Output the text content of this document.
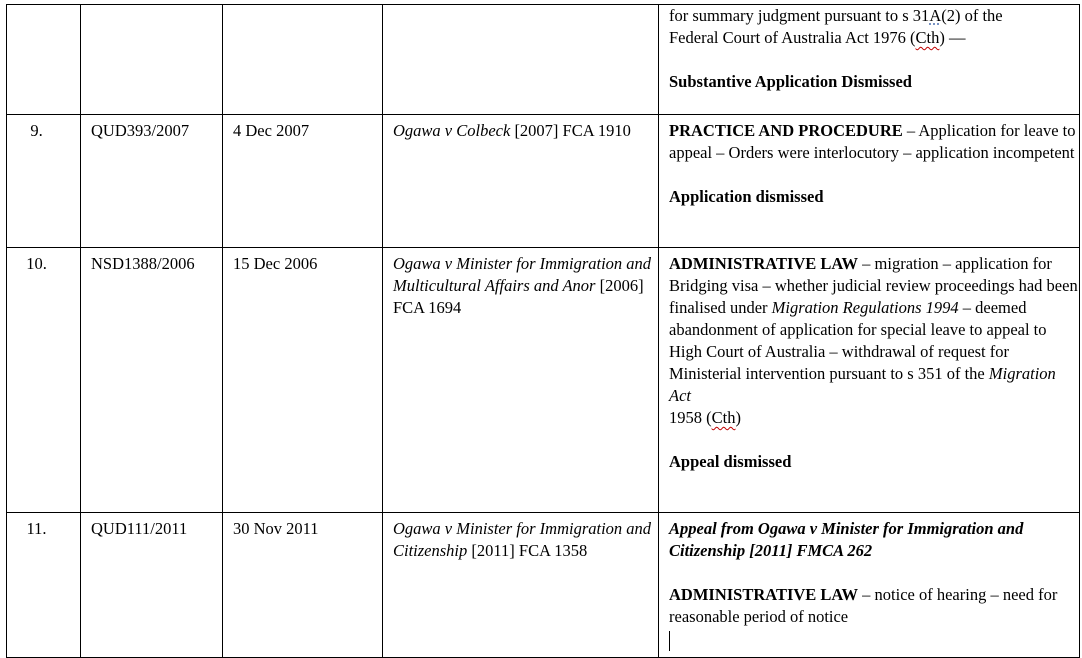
				for summary judgment pursuant to s 31A(2) of the
Federal Court of Australia Act 1976 (Cth) —
Substantive Application Dismissed

9.	QUD393/2007	4 Dec 2007	Ogawa v Colbeck [2007] FCA 1910	PRACTICE AND PROCEDURE – Application for leave to appeal – Orders were interlocutory – application incompetent
Application dismissed

10.	NSD1388/2006	15 Dec 2006	Ogawa v Minister for Immigration and Multicultural Affairs and Anor [2006] FCA 1694	ADMINISTRATIVE LAW – migration – application for Bridging visa – whether judicial review proceedings had been finalised under Migration Regulations 1994 – deemed abandonment of application for special leave to appeal to High Court of Australia – withdrawal of request for Ministerial intervention pursuant to s 351 of the Migration Act
1958 (Cth)
Appeal dismissed

11.	QUD111/2011	30 Nov 2011	Ogawa v Minister for Immigration and Citizenship [2011] FCA 1358	Appeal from Ogawa v Minister for Immigration and Citizenship [2011] FMCA 262
ADMINISTRATIVE LAW – notice of hearing – need for reasonable period of notice
